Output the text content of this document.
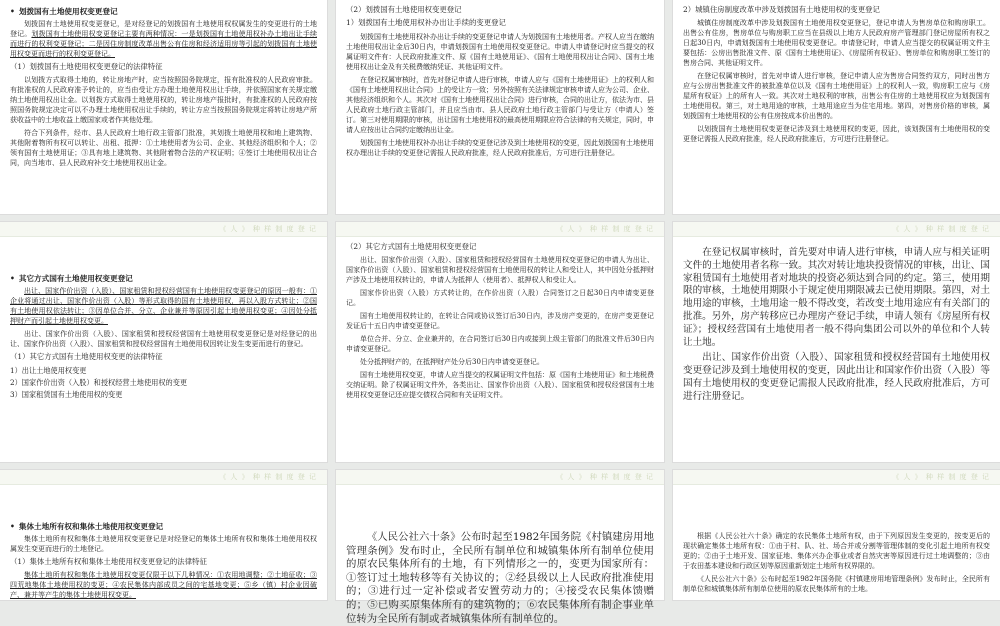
• 划拨国有土地使用权变更登记

划拨国有土地使用权变更登记，是对经登记的划拨国有土地使用权权属发生的变更进行的土地登记。划拨国有土地使用权变更登记主要有两种情况：一是划拨国有土地使用权补办土地出让手续而进行的权利变更登记；二是因住房制度改革出售公有住房和经济适用房等引起的划拨国有土地使用权变更而进行的权利变更登记。

（1）划拨国有土地使用权变更登记的法律特征

以划拨方式取得土地的，转让房地产时，应当按照国务院规定，报有批准权的人民政府审批。有批准权的人民政府准予转让的，应当由受让方办理土地使用权出让手续，并依照国家有关规定缴纳土地使用权出让金。以划拨方式取得土地使用权的，转让房地产报批时，有批准权的人民政府按照国务院规定决定可以不办理土地使用权出让手续的，转让方应当按照国务院规定将转让房地产所获收益中的土地收益上缴国家或者作其他处理。

符合下列条件，经市、县人民政府土地行政主管部门批准，其划拨土地使用权和地上建筑物、其他附着物所有权可以转让、出租、抵押：①土地使用者为公司、企业、其他经济组织和个人；②领有国有土地使用证；③具有地上建筑物、其他附着物合法的产权证明；④签订土地使用权出让合同，向当地市、县人民政府补交土地使用权出让金。

（2）划拨国有土地使用权变更登记
1）划拨国有土地使用权补办出让手续的变更登记

划拨国有土地使用权补办出让手续的变更登记申请人为划拨国有土地使用者。产权人应当在缴纳土地使用权出让金后30日内，申请划拨国有土地使用权变更登记。申请人申请登记时应当提交的权属证明文件有：人民政府批准文件、原《国有土地使用证》、《国有土地使用权出让合同》、国有土地使用权出让金及有关税费缴纳凭证、其他证明文件。

在登记权属审核时，首先对登记申请人进行审核，申请人应与《国有土地使用证》上的权利人和《国有土地使用权出让合同》上的受让方一致；另外按照有关法律规定审核申请人应为公司、企业、其他经济组织和个人。其次对《国有土地使用权出让合同》进行审核，合同的出让方，依法为市、县人民政府土地行政主管部门，并且应当由市、县人民政府土地行政主管部门与受让方（申请人）签订。第三对使用期限的审核，出让国有土地使用权的最高使用期限应符合法律的有关规定，同时，申请人应按出让合同约定缴纳出让金。

划拨国有土地使用权补办出让手续的变更登记涉及到土地使用权的变更，因此划拨国有土地使用权办理出让手续的变更登记需报人民政府批准，经人民政府批准后，方可进行注册登记。

2）城镇住房制度改革中涉及划拨国有土地使用权的变更登记

城镇住房制度改革中涉及划拨国有土地使用权变更登记，登记申请人为售房单位和购房职工。出售公有住房，售房单位与购房职工应当在县级以上地方人民政府房产管理部门登记房屋所有权之日起30日内，申请划拨国有土地使用权变更登记。申请登记时，申请人应当提交的权属证明文件主要包括：公房出售批准文件、原《国有土地使用证》、《房屋所有权证》、售房单位和购房职工签订的售房合同、其他证明文件。

在登记权属审核时，首先对申请人进行审核，登记申请人应为售房合同签约双方，同时出售方应与公房出售批准文件的被批准单位以及《国有土地使用证》上的权利人一致，购房职工应与《房屋所有权证》上的所有人一致。其次对土地权利的审核，出售公有住房的土地使用权应为划拨国有土地使用权。第三，对土地用途的审核，土地用途应当为住宅用地。第四，对售房价格的审核，属划拨国有土地使用权的公有住房按成本价出售的。

以划拨国有土地使用权变更登记涉及到土地使用权的变更，因此，该划拨国有土地使用权的变更登记需报人民政府批准，经人民政府批准后，方可进行注册登记。

《 人 》 种 样 制 度 登 记
• 其它方式国有土地使用权变更登记

出让、国家作价出资（入股）、国家租赁和授权经营国有土地使用权变更登记的原因一般有：①企业将通过出让、国家作价出资（入股）等形式取得的国有土地使用权，再以入股方式转让；②国有土地使用权依法转让；③因单位合并、分立、企业兼并等原因引起土地使用权变更；④因处分抵押财产而引起土地使用权变更。

出让、国家作价出资（入股）、国家租赁和授权经营国有土地使用权变更登记是对经登记的出让、国家作价出资（入股）、国家租赁和授权经营国有土地使用权因转让发生变更而进行的登记。

（1）其它方式国有土地使用权变更的法律特征
1）出让土地使用权变更
2）国家作价出资（入股）和授权经营土地使用权的变更
3）国家租赁国有土地使用权的变更
《 人 》 种 样 制 度 登 记
（2）其它方式国有土地使用权变更登记

出让、国家作价出资（入股）、国家租赁和授权经营国有土地使用权变更登记的申请人为出让、国家作价出资（入股）、国家租赁和授权经营国有土地使用权的转让人和受让人，其中因处分抵押财产涉及土地使用权转让的，申请人为抵押人（使用者）、抵押权人和受让人。

国家作价出资（入股）方式转让的，在作价出资（入股）合同签订之日起30日内申请变更登记。

国有土地使用权转让的，在转让合同或协议签订后30日内，涉及房产变更的，在房产变更登记发证后十五日内申请变更登记。

单位合并、分立、企业兼并的，在合同签订后30日内或接到上级主管部门的批准文件后30日内申请变更登记。

处分抵押财产的，在抵押财产处分后30日内申请变更登记。

国有土地使用权变更，申请人应当提交的权属证明文件包括：原《国有土地使用证》和土地税费交纳证明。除了权属证明文件外，各类出让、国家作价出资（入股）、国家租赁和授权经营国有土地使用权变更登记还应提交债权合同和有关证明文件。

《 人 》 种 样 制 度 登 记

在登记权属审核时，首先要对申请人进行审核，申请人应与相关证明文件的土地使用者名称一致。其次对转让地块投资情况的审核，出让、国家租赁国有土地使用者对地块的投资必须达到合同的约定。第三，使用期限的审核，土地使用期限小于规定使用期限减去已使用期限。第四，对土地用途的审核，土地用途一般不得改变，若改变土地用途应有有关部门的批准。另外，房产转移应已办理房产登记手续，申请人领有《房屋所有权证》；授权经营国有土地使用者一般不得向集团公司以外的单位和个人转让土地。

出让、国家作价出资（入股）、国家租赁和授权经营国有土地使用权变更登记涉及到土地使用权的变更，因此出让和国家作价出资（入股）等国有土地使用权的变更登记需报人民政府批准，经人民政府批准后，方可进行注册登记。

《 人 》 种 样 制 度 登 记
• 集体土地所有权和集体土地使用权变更登记

集体土地所有权和集体土地使用权变更登记是对经登记的集体土地所有权和集体土地使用权权属发生变更而进行的土地登记。

（1）集体土地所有权和集体土地使用权变更登记的法律特征

集体土地所有权和集体土地使用权变更仅限于以下几种情况：①农用地调整；②土地征收；③四荒地集体土地使用权的变更；④农民集体内部成员之间的宅基地变更；⑤乡（镇）村企业因破产、兼并等产生的集体土地使用权变更。

《 人 》 种 样 制 度 登 记

《人民公社六十条》公布时起至1982年国务院《村镇建房用地管理条例》发布时止，全民所有制单位和城镇集体所有制单位使用的原农民集体所有的土地，有下列情形之一的，变更为国家所有：①签订过土地转移等有关协议的；②经县级以上人民政府批准使用的；③进行过一定补偿或者安置劳动力的；④接受农民集体馈赠的；⑤已购买原集体所有的建筑物的；⑥农民集体所有制企事业单位转为全民所有制或者城镇集体所有制单位的。

《 人 》 种 样 制 度 登 记

根据《人民公社六十条》确定的农民集体土地所有权，由于下列原因发生变更的，按变更后的现状确定集体土地所有权：①由于村、队、社、场合并或分割等管理体制的变化引起土地所有权变更的；②由于土地开发、国家征地、集体兴办企事业或者自然灾害等原因进行过土地调整的；③由于农田基本建设和行政区划等原因重新划定土地所有权界限的。

《人民公社六十条》公布时起至1982年国务院《村镇建房用地管理条例》发布时止，全民所有制单位和城镇集体所有制单位使用的原农民集体所有的土地。
